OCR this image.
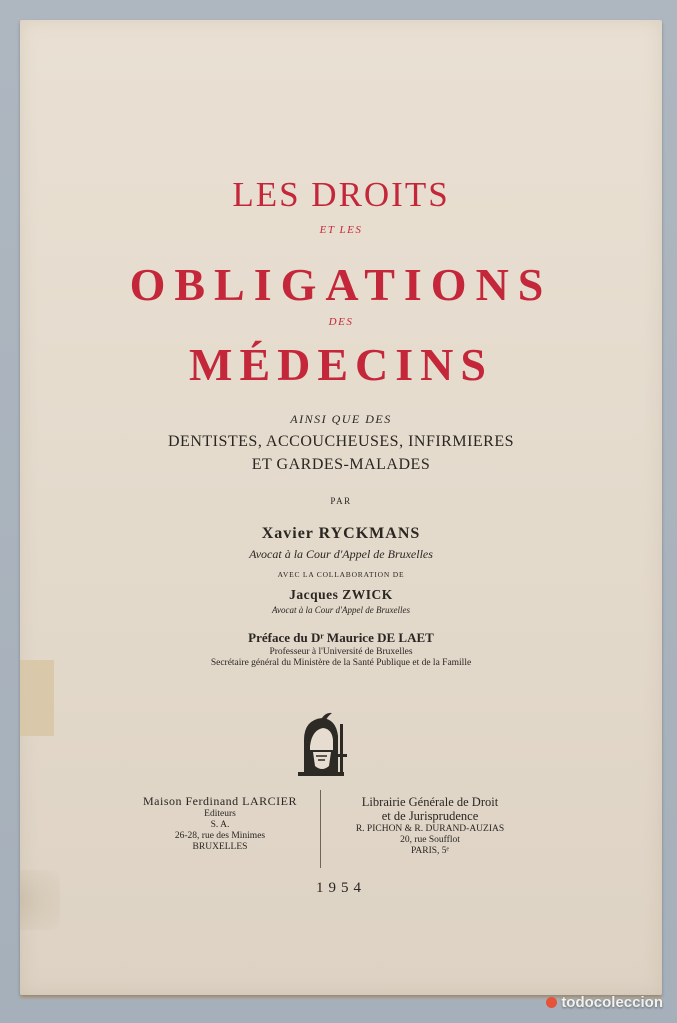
LES DROITS
ET LES
OBLIGATIONS
DES
MÉDECINS
AINSI QUE DES
DENTISTES, ACCOUCHEUSES, INFIRMIERES
ET GARDES-MALADES
PAR
Xavier RYCKMANS
Avocat à la Cour d'Appel de Bruxelles
AVEC LA COLLABORATION DE
Jacques ZWICK
Avocat à la Cour d'Appel de Bruxelles
Préface du Dʳ Maurice DE LAET
Professeur à l'Université de Bruxelles
Secrétaire général du Ministère de la Santé Publique et de la Famille
Maison Ferdinand LARCIER
Editeurs
S. A.
26-28, rue des Minimes
BRUXELLES
Librairie Générale de Droit
et de Jurisprudence
R. PICHON & R. DURAND-AUZIAS
20, rue Soufflot
PARIS, 5ᵉ
1954
todocoleccion
